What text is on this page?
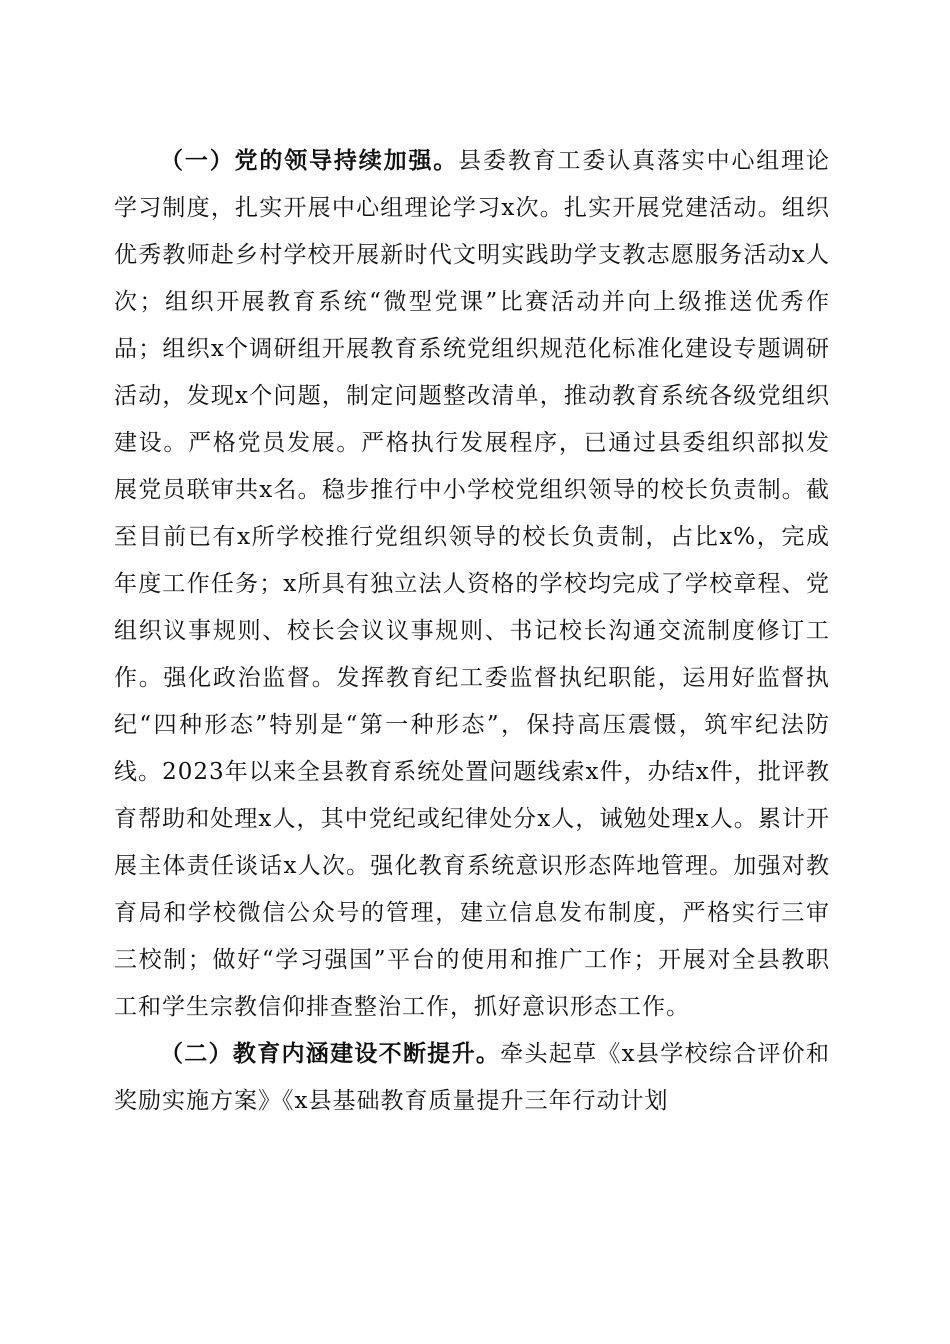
（一）党的领导持续加强。县委教育工委认真落实中心组理论学习制度，扎实开展中心组理论学习x次。扎实开展党建活动。组织优秀教师赴乡村学校开展新时代文明实践助学支教志愿服务活动x人次；组织开展教育系统“微型党课”比赛活动并向上级推送优秀作品；组织x个调研组开展教育系统党组织规范化标准化建设专题调研活动，发现x个问题，制定问题整改清单，推动教育系统各级党组织建设。严格党员发展。严格执行发展程序，已通过县委组织部拟发展党员联审共x名。稳步推行中小学校党组织领导的校长负责制。截至目前已有x所学校推行党组织领导的校长负责制，占比x%，完成年度工作任务；x所具有独立法人资格的学校均完成了学校章程、党组织议事规则、校长会议议事规则、书记校长沟通交流制度修订工作。强化政治监督。发挥教育纪工委监督执纪职能，运用好监督执纪“四种形态”特别是“第一种形态”，保持高压震慑，筑牢纪法防线。2023年以来全县教育系统处置问题线索x件，办结x件，批评教育帮助和处理x人，其中党纪或纪律处分x人，诫勉处理x人。累计开展主体责任谈话x人次。强化教育系统意识形态阵地管理。加强对教育局和学校微信公众号的管理，建立信息发布制度，严格实行三审三校制；做好“学习强国”平台的使用和推广工作；开展对全县教职工和学生宗教信仰排查整治工作，抓好意识形态工作。

（二）教育内涵建设不断提升。牵头起草《x县学校综合评价和奖励实施方案》《x县基础教育质量提升三年行动计划
